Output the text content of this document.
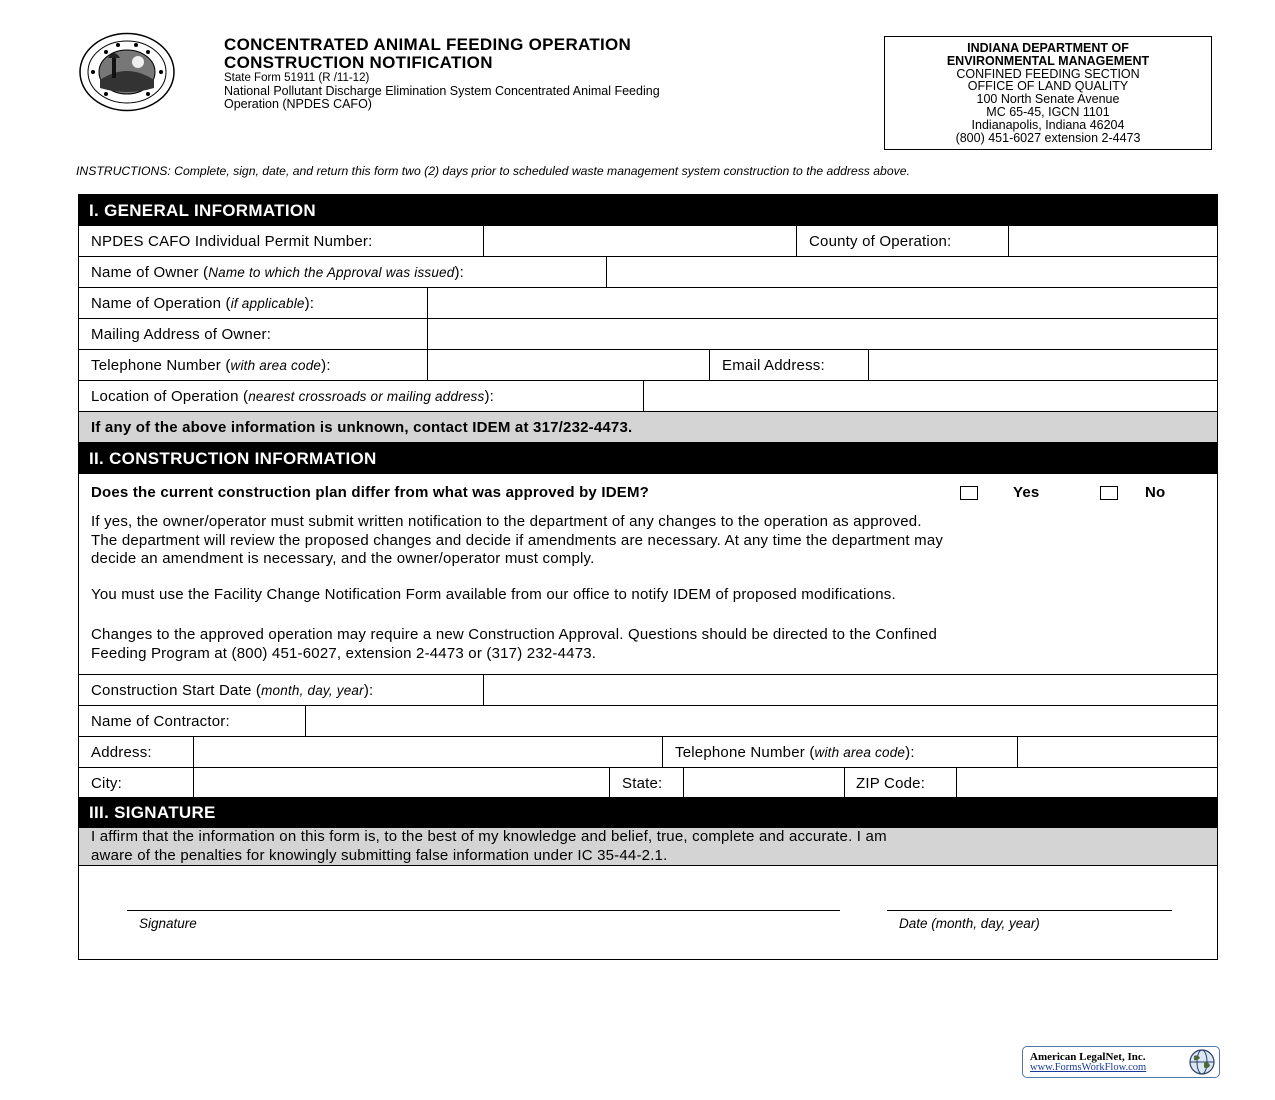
CONCENTRATED ANIMAL FEEDING OPERATION
CONSTRUCTION NOTIFICATION
State Form 51911 (R /11-12)
National Pollutant Discharge Elimination System Concentrated Animal Feeding
Operation (NPDES CAFO)
INDIANA DEPARTMENT OF
ENVIRONMENTAL MANAGEMENT
CONFINED FEEDING SECTION
OFFICE OF LAND QUALITY
100 North Senate Avenue
MC 65-45, IGCN 1101
Indianapolis, Indiana 46204
(800) 451-6027 extension 2-4473
INSTRUCTIONS: Complete, sign, date, and return this form two (2) days prior to scheduled waste management system construction to the address above.
I. GENERAL INFORMATION
NPDES CAFO Individual Permit Number:	County of Operation:
Name of Owner (Name to which the Approval was issued):
Name of Operation (if applicable):
Mailing Address of Owner:
Telephone Number (with area code):	Email Address:
Location of Operation (nearest crossroads or mailing address):
If any of the above information is unknown, contact IDEM at 317/232-4473.
II. CONSTRUCTION INFORMATION
Does the current construction plan differ from what was approved by IDEM?	Yes	No
If yes, the owner/operator must submit written notification to the department of any changes to the operation as approved.
The department will review the proposed changes and decide if amendments are necessary. At any time the department may
decide an amendment is necessary, and the owner/operator must comply.
You must use the Facility Change Notification Form available from our office to notify IDEM of proposed modifications.
Changes to the approved operation may require a new Construction Approval. Questions should be directed to the Confined
Feeding Program at (800) 451-6027, extension 2-4473 or (317) 232-4473.
Construction Start Date (month, day, year):
Name of Contractor:
Address:	Telephone Number (with area code):
City:	State:	ZIP Code:
III. SIGNATURE
I affirm that the information on this form is, to the best of my knowledge and belief, true, complete and accurate. I am
aware of the penalties for knowingly submitting false information under IC 35-44-2.1.
Signature	Date (month, day, year)
American LegalNet, Inc.
www.FormsWorkFlow.com
